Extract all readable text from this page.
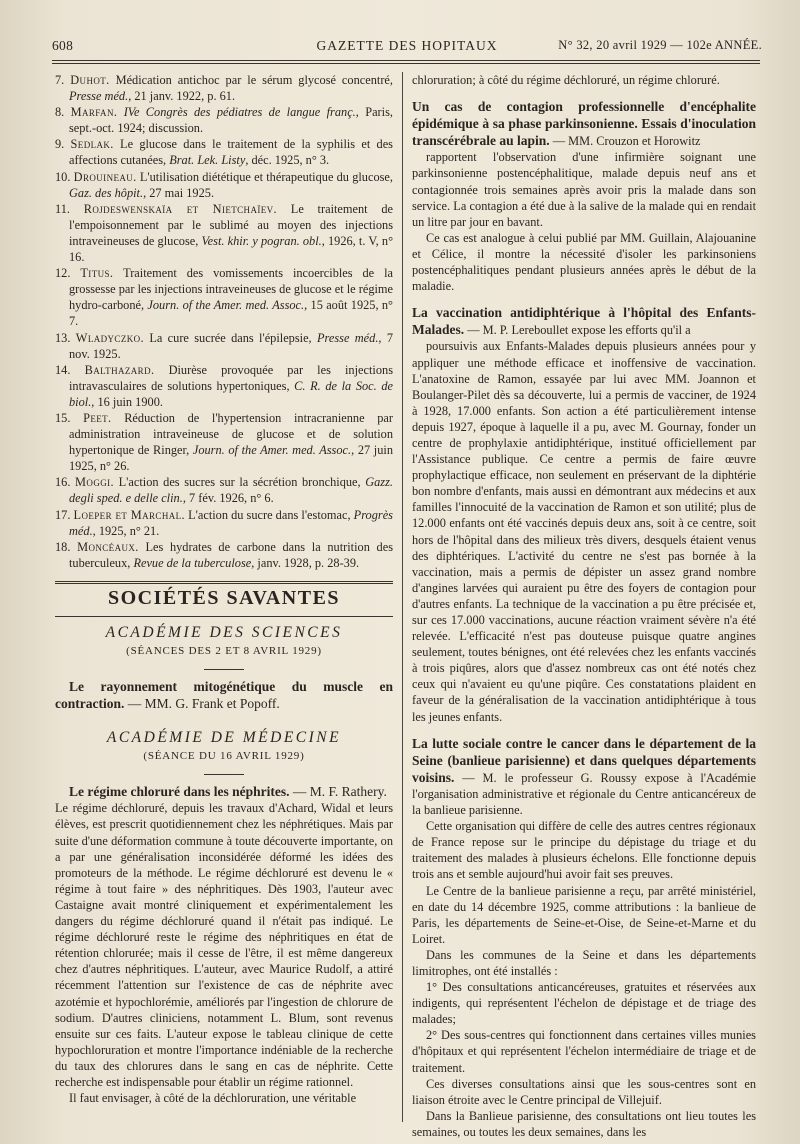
608	GAZETTE DES HOPITAUX	N° 32, 20 avril 1929 — 102e ANNÉE.

7. Duhot. Médication antichoc par le sérum glycosé concentré, Presse méd., 21 janv. 1922, p. 61.

8. Marfan. IVe Congrès des pédiatres de langue franç., Paris, sept.-oct. 1924; discussion.

9. Sedlak. Le glucose dans le traitement de la syphilis et des affections cutanées, Brat. Lek. Listy, déc. 1925, n° 3.

10. Drouineau. L'utilisation diététique et thérapeutique du glucose, Gaz. des hôpit., 27 mai 1925.

11. Rojdeswenskaïa et Nietchaïev. Le traitement de l'empoisonnement par le sublimé au moyen des injections intraveineuses de glucose, Vest. khir. y pogran. obl., 1926, t. V, n° 16.

12. Titus. Traitement des vomissements incoercibles de la grossesse par les injections intraveineuses de glucose et le régime hydro-carboné, Journ. of the Amer. med. Assoc., 15 août 1925, n° 7.

13. Wladyczko. La cure sucrée dans l'épilepsie, Presse méd., 7 nov. 1925.

14. Balthazard. Diurèse provoquée par les injections intravasculaires de solutions hypertoniques, C. R. de la Soc. de biol., 16 juin 1900.

15. Peet. Réduction de l'hypertension intracranienne par administration intraveineuse de glucose et de solution hypertonique de Ringer, Journ. of the Amer. med. Assoc., 27 juin 1925, n° 26.

16. Moggi. L'action des sucres sur la sécrétion bronchique, Gazz. degli sped. e delle clin., 7 fév. 1926, n° 6.

17. Loeper et Marchal. L'action du sucre dans l'estomac, Progrès méd., 1925, n° 21.

18. Moncéaux. Les hydrates de carbone dans la nutrition des tuberculeux, Revue de la tuberculose, janv. 1928, p. 28-39.

SOCIÉTÉS SAVANTES
ACADÉMIE DES SCIENCES
(SÉANCES DES 2 ET 8 AVRIL 1929)

Le rayonnement mitogénétique du muscle en contraction. — MM. G. Frank et Popoff.

ACADÉMIE DE MÉDECINE
(SÉANCE DU 16 AVRIL 1929)

Le régime chloruré dans les néphrites. — M. F. Rathery.

Le régime déchloruré, depuis les travaux d'Achard, Widal et leurs élèves, est prescrit quotidiennement chez les néphrétiques. Mais par suite d'une déformation commune à toute découverte importante, on a par une généralisation inconsidérée déformé les idées des promoteurs de la méthode. Le régime déchloruré est devenu le « régime à tout faire » des néphritiques. Dès 1903, l'auteur avec Castaigne avait montré cliniquement et expérimentalement les dangers du régime déchloruré quand il n'était pas indiqué. Le régime déchloruré reste le régime des néphritiques en état de rétention chlorurée; mais il cesse de l'être, il est même dangereux chez d'autres néphritiques. L'auteur, avec Maurice Rudolf, a attiré récemment l'attention sur l'existence de cas de néphrite avec azotémie et hypochlorémie, améliorés par l'ingestion de chlorure de sodium. D'autres cliniciens, notamment L. Blum, sont revenus ensuite sur ces faits. L'auteur expose le tableau clinique de cette hypochloruration et montre l'importance indéniable de la recherche du taux des chlorures dans le sang en cas de néphrite. Cette recherche est indispensable pour établir un régime rationnel.

Il faut envisager, à côté de la déchloruration, une véritable

chloruration; à côté du régime déchloruré, un régime chloruré.

Un cas de contagion professionnelle d'encéphalite épidémique à sa phase parkinsonienne. Essais d'inoculation transcérébrale au lapin. — MM. Crouzon et Horowitz

rapportent l'observation d'une infirmière soignant une parkinsonienne postencéphalitique, malade depuis neuf ans et contagionnée trois semaines après avoir pris la malade dans son service. La contagion a été due à la salive de la malade qui en rendait un litre par jour en bavant.

Ce cas est analogue à celui publié par MM. Guillain, Alajouanine et Célice, il montre la nécessité d'isoler les parkinsoniens postencéphalitiques pendant plusieurs années après le début de la maladie.

La vaccination antidiphtérique à l'hôpital des Enfants-Malades. — M. P. Lereboullet expose les efforts qu'il a

poursuivis aux Enfants-Malades depuis plusieurs années pour y appliquer une méthode efficace et inoffensive de vaccination. L'anatoxine de Ramon, essayée par lui avec MM. Joannon et Boulanger-Pilet dès sa découverte, lui a permis de vacciner, de 1924 à 1928, 17.000 enfants. Son action a été particulièrement intense depuis 1927, époque à laquelle il a pu, avec M. Gournay, fonder un centre de prophylaxie antidiphtérique, institué officiellement par l'Assistance publique. Ce centre a permis de faire œuvre prophylactique efficace, non seulement en préservant de la diphtérie bon nombre d'enfants, mais aussi en démontrant aux médecins et aux familles l'innocuité de la vaccination de Ramon et son utilité; plus de 12.000 enfants ont été vaccinés depuis deux ans, soit à ce centre, soit hors de l'hôpital dans des milieux très divers, desquels étaient venus des diphtériques. L'activité du centre ne s'est pas bornée à la vaccination, mais a permis de dépister un assez grand nombre d'angines larvées qui auraient pu être des foyers de contagion pour d'autres enfants. La technique de la vaccination a pu être précisée et, sur ces 17.000 vaccinations, aucune réaction vraiment sévère n'a été relevée. L'efficacité n'est pas douteuse puisque quatre angines seulement, toutes bénignes, ont été relevées chez les enfants vaccinés à trois piqûres, alors que d'assez nombreux cas ont été notés chez ceux qui n'avaient eu qu'une piqûre. Ces constatations plaident en faveur de la généralisation de la vaccination antidiphtérique à tous les jeunes enfants.

La lutte sociale contre le cancer dans le département de la Seine (banlieue parisienne) et dans quelques départements voisins. — M. le professeur G. Roussy expose à l'Académie l'organisation administrative et régionale du Centre anticancéreux de la banlieue parisienne.

Cette organisation qui diffère de celle des autres centres régionaux de France repose sur le principe du dépistage du triage et du traitement des malades à plusieurs échelons. Elle fonctionne depuis trois ans et semble aujourd'hui avoir fait ses preuves.

Le Centre de la banlieue parisienne a reçu, par arrêté ministériel, en date du 14 décembre 1925, comme attributions : la banlieue de Paris, les départements de Seine-et-Oise, de Seine-et-Marne et du Loiret.

Dans les communes de la Seine et dans les départements limitrophes, ont été installés :

1° Des consultations anticancéreuses, gratuites et réservées aux indigents, qui représentent l'échelon de dépistage et de triage des malades;

2° Des sous-centres qui fonctionnent dans certaines villes munies d'hôpitaux et qui représentent l'échelon intermédiaire de triage et de traitement.

Ces diverses consultations ainsi que les sous-centres sont en liaison étroite avec le Centre principal de Villejuif.

Dans la Banlieue parisienne, des consultations ont lieu toutes les semaines, ou toutes les deux semaines, dans les
